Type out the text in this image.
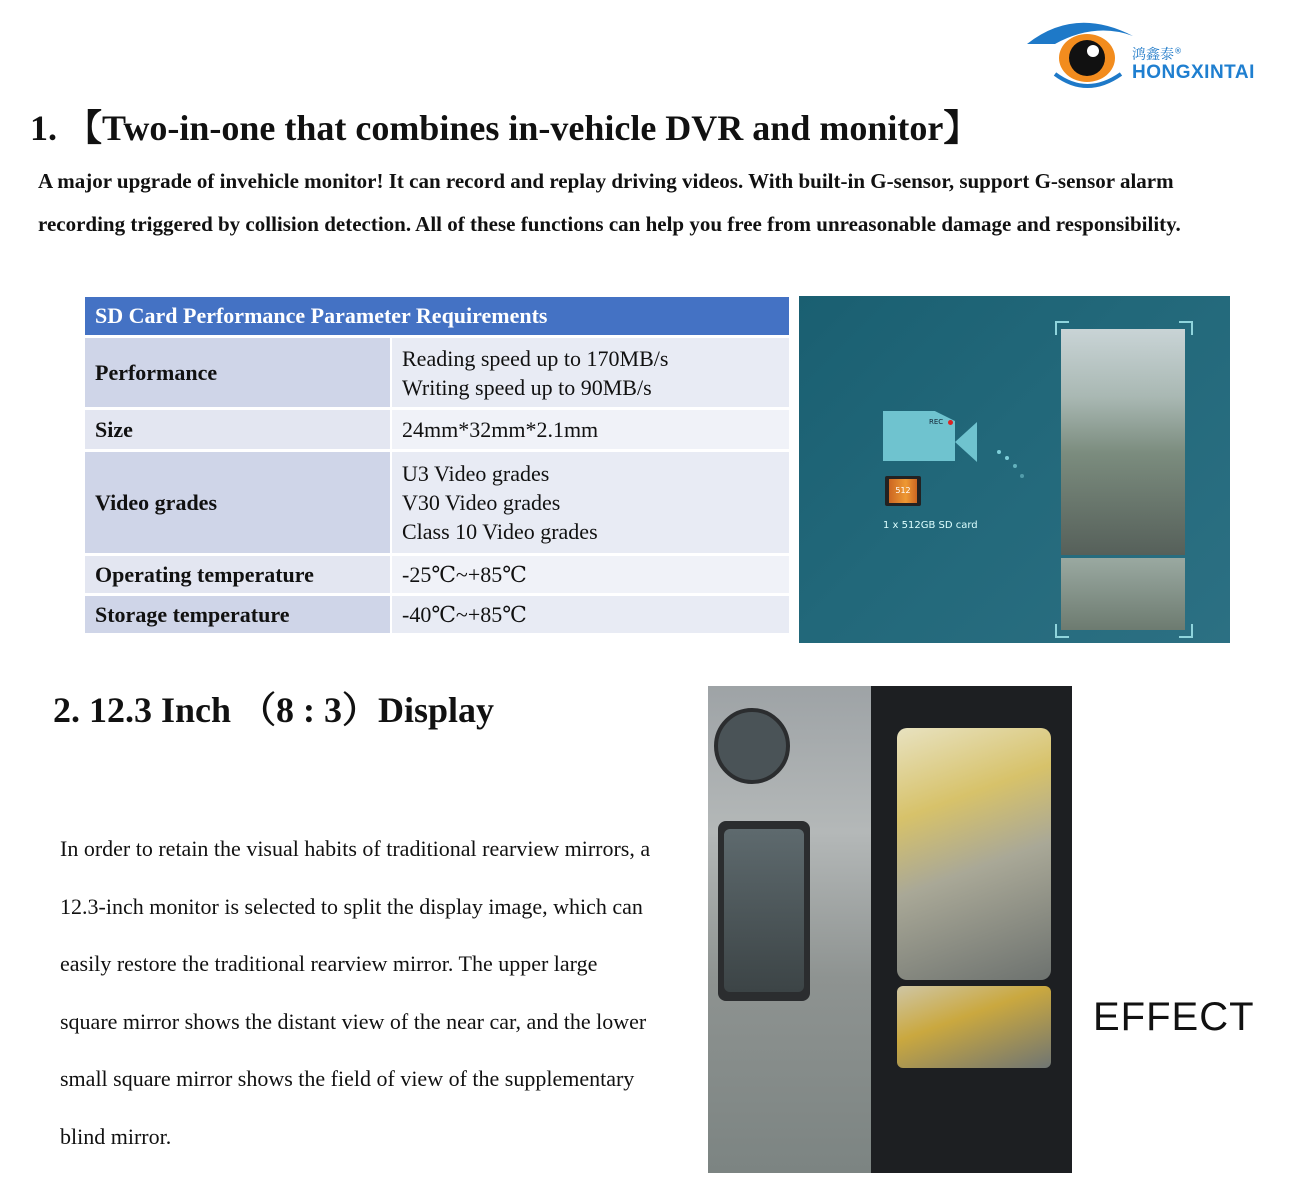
鸿鑫泰®
HONGXINTAI
1. 【Two-in-one that combines in-vehicle DVR and monitor】
A major upgrade of invehicle monitor! It can record and replay driving videos. With built-in G-sensor, support G-sensor alarm recording triggered by collision detection. All of these functions can help you free from unreasonable damage and responsibility.
SD Card Performance Parameter Requirements	
Performance	Reading speed up to 170MB/s
Writing speed up to 90MB/s

Size	24mm*32mm*2.1mm
Video grades	U3 Video grades
V30 Video grades
Class 10 Video grades

Operating temperature	-25℃~+85℃
Storage temperature	-40℃~+85℃
REC
512
1 x 512GB SD card
2. 12.3 Inch （8 : 3）Display
In order to retain the visual habits of traditional rearview mirrors, a 12.3-inch monitor is selected to split the display image, which can easily restore the traditional rearview mirror. The upper large square mirror shows the distant view of the near car, and the lower small square mirror shows the field of view of the supplementary blind mirror.
EFFECT
